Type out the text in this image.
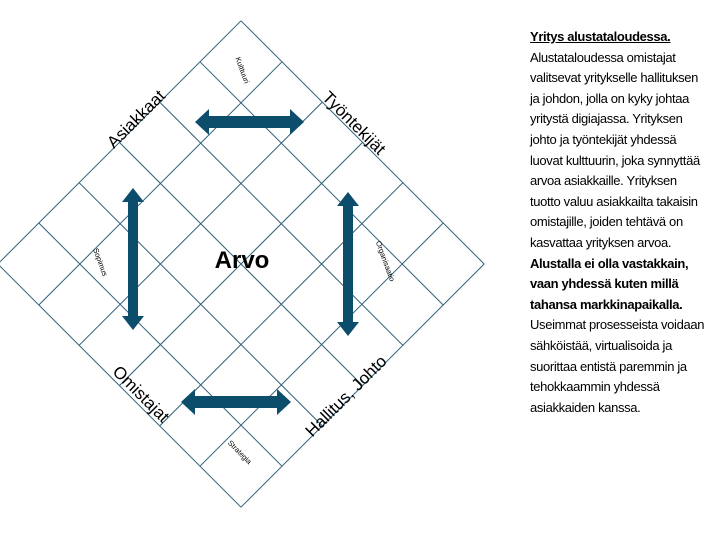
Arvo
Asiakkaat	Työntekijät
Omistajat	Hallitus, Johto
Kulttuuri
Organisaatio
Strategia
Sopimus
Yritys alustataloudessa.
Alustataloudessa omistajat valitsevat yritykselle hallituksen ja johdon, jolla on kyky johtaa yritystä digiajassa. Yrityksen johto ja työntekijät yhdessä luovat kulttuurin, joka synnyttää arvoa asiakkaille. Yrityksen tuotto valuu asiakkailta takaisin omistajille, joiden tehtävä on kasvattaa yrityksen arvoa. Alustalla ei olla vastakkain, vaan yhdessä kuten millä tahansa markkinapaikalla. Useimmat prosesseista voidaan sähköistää, virtualisoida ja suorittaa entistä paremmin ja tehokkaammin yhdessä asiakkaiden kanssa.
